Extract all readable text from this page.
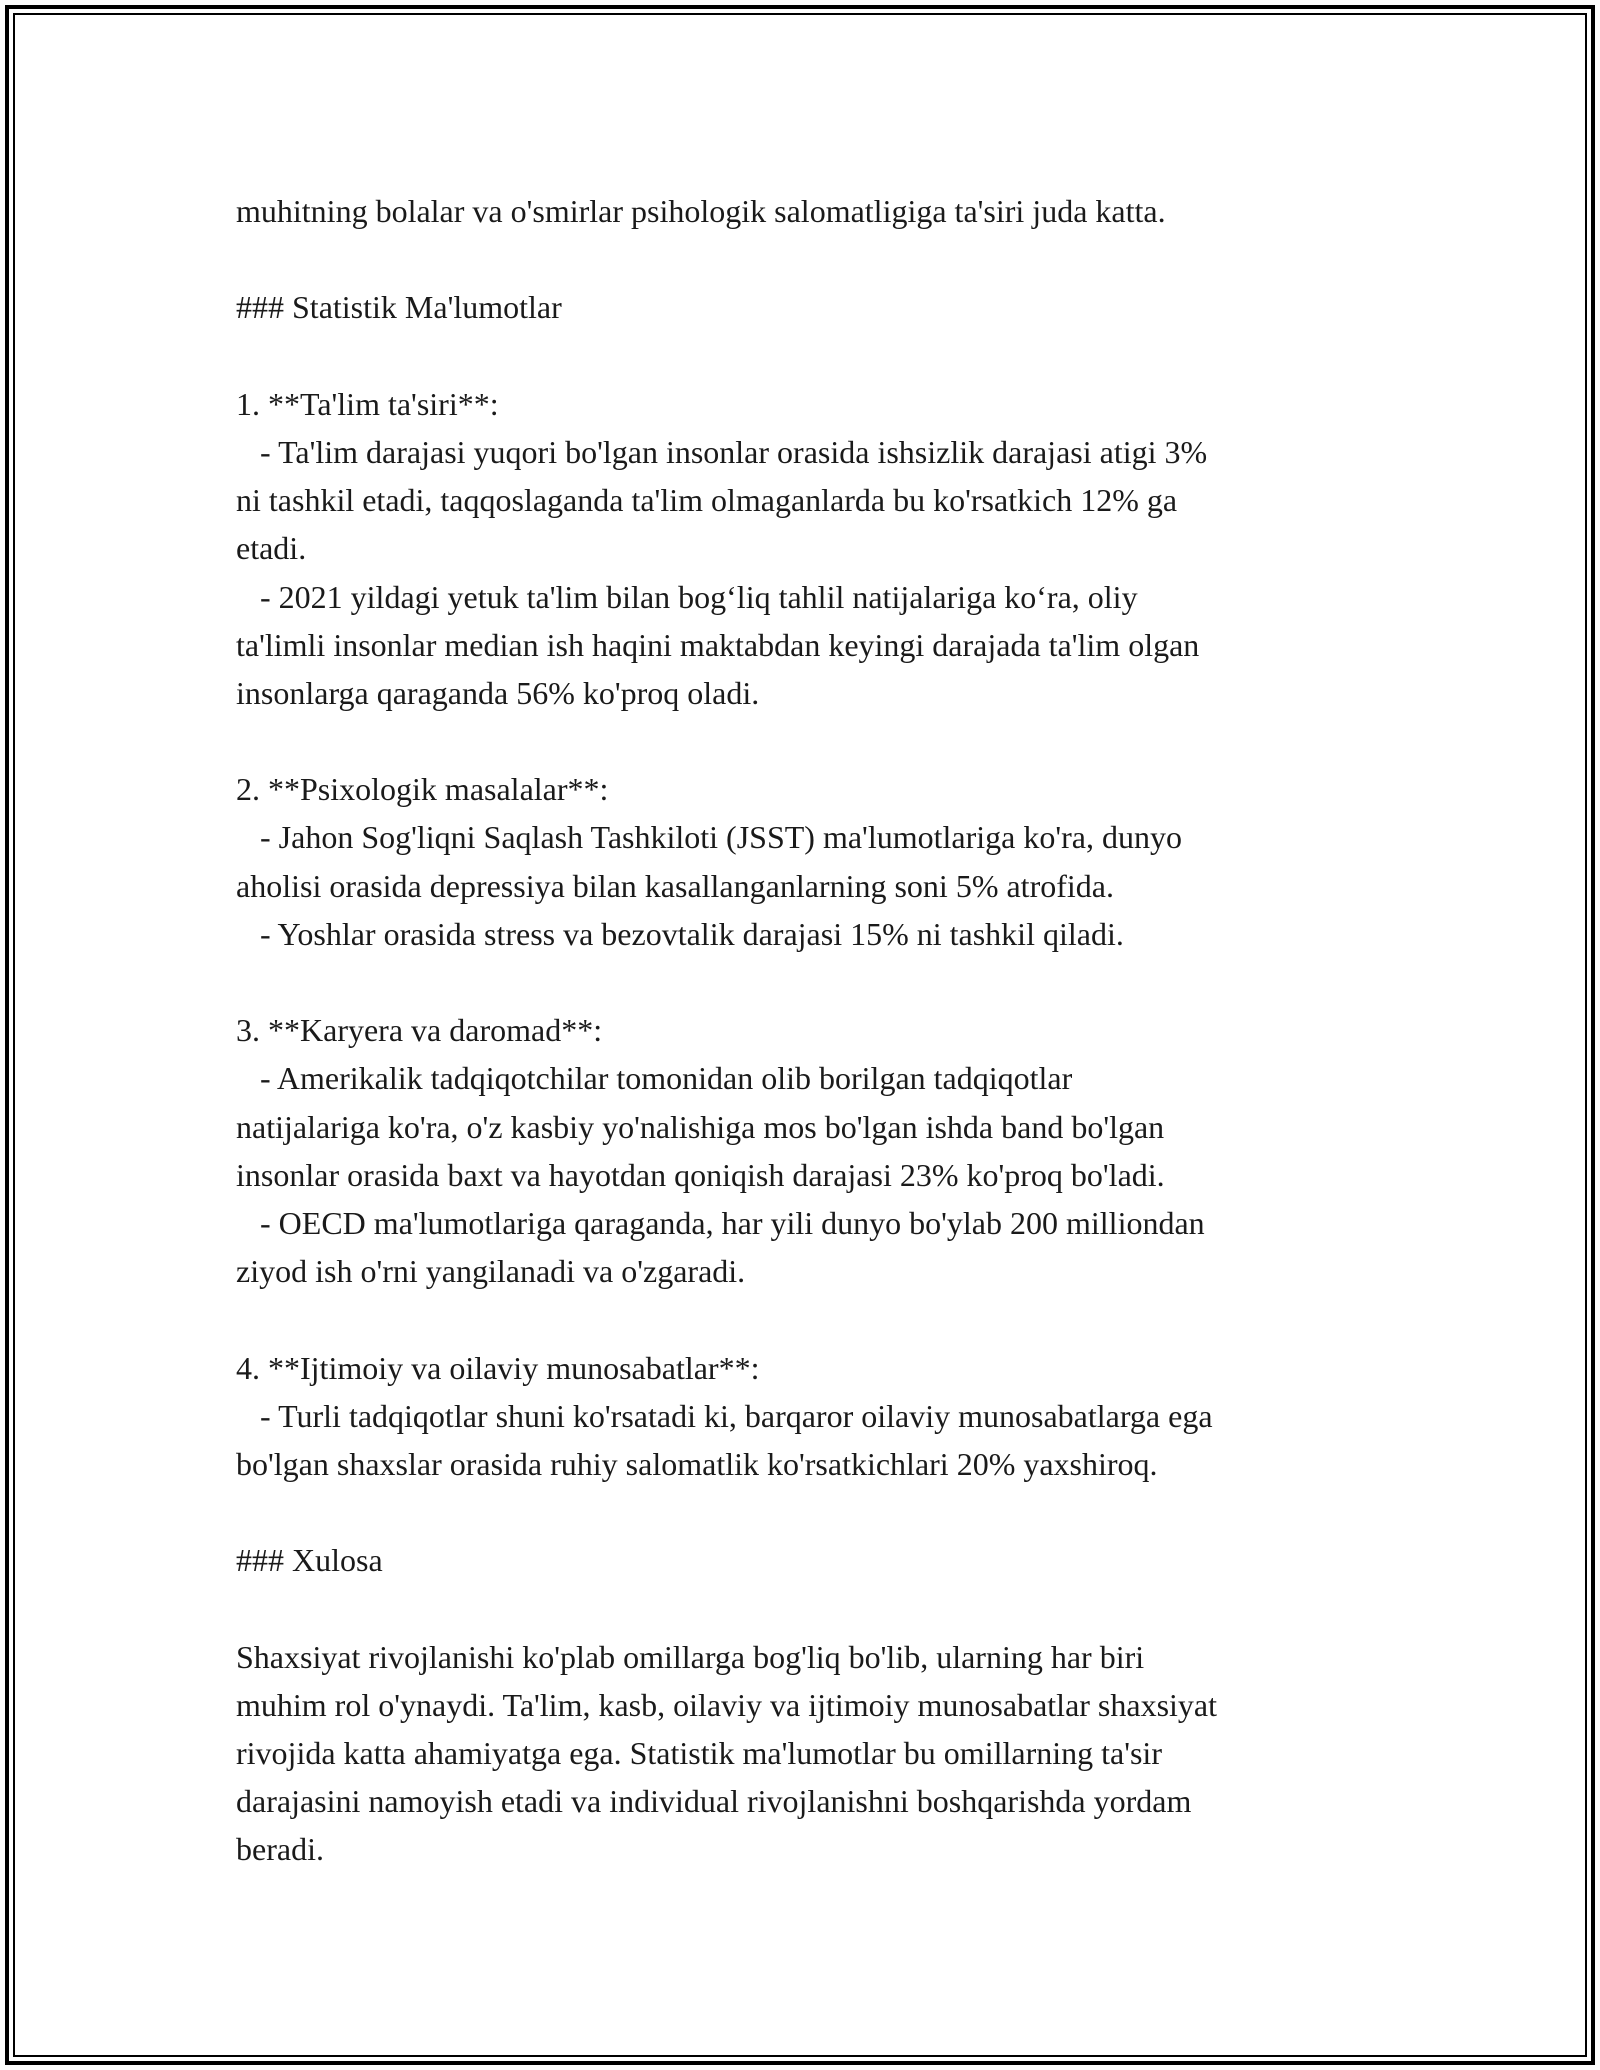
muhitning bolalar va o'smirlar psihologik salomatligiga ta'siri juda katta.
### Statistik Ma'lumotlar
1. **Ta'lim ta'siri**:
- Ta'lim darajasi yuqori bo'lgan insonlar orasida ishsizlik darajasi atigi 3%
ni tashkil etadi, taqqoslaganda ta'lim olmaganlarda bu ko'rsatkich 12% ga
etadi.
- 2021 yildagi yetuk ta'lim bilan bog‘liq tahlil natijalariga ko‘ra, oliy
ta'limli insonlar median ish haqini maktabdan keyingi darajada ta'lim olgan
insonlarga qaraganda 56% ko'proq oladi.
2. **Psixologik masalalar**:
- Jahon Sog'liqni Saqlash Tashkiloti (JSST) ma'lumotlariga ko'ra, dunyo
aholisi orasida depressiya bilan kasallanganlarning soni 5% atrofida.
- Yoshlar orasida stress va bezovtalik darajasi 15% ni tashkil qiladi.
3. **Karyera va daromad**:
- Amerikalik tadqiqotchilar tomonidan olib borilgan tadqiqotlar
natijalariga ko'ra, o'z kasbiy yo'nalishiga mos bo'lgan ishda band bo'lgan
insonlar orasida baxt va hayotdan qoniqish darajasi 23% ko'proq bo'ladi.
- OECD ma'lumotlariga qaraganda, har yili dunyo bo'ylab 200 milliondan
ziyod ish o'rni yangilanadi va o'zgaradi.
4. **Ijtimoiy va oilaviy munosabatlar**:
- Turli tadqiqotlar shuni ko'rsatadi ki, barqaror oilaviy munosabatlarga ega
bo'lgan shaxslar orasida ruhiy salomatlik ko'rsatkichlari 20% yaxshiroq.
### Xulosa
Shaxsiyat rivojlanishi ko'plab omillarga bog'liq bo'lib, ularning har biri
muhim rol o'ynaydi. Ta'lim, kasb, oilaviy va ijtimoiy munosabatlar shaxsiyat
rivojida katta ahamiyatga ega. Statistik ma'lumotlar bu omillarning ta'sir
darajasini namoyish etadi va individual rivojlanishni boshqarishda yordam
beradi.
